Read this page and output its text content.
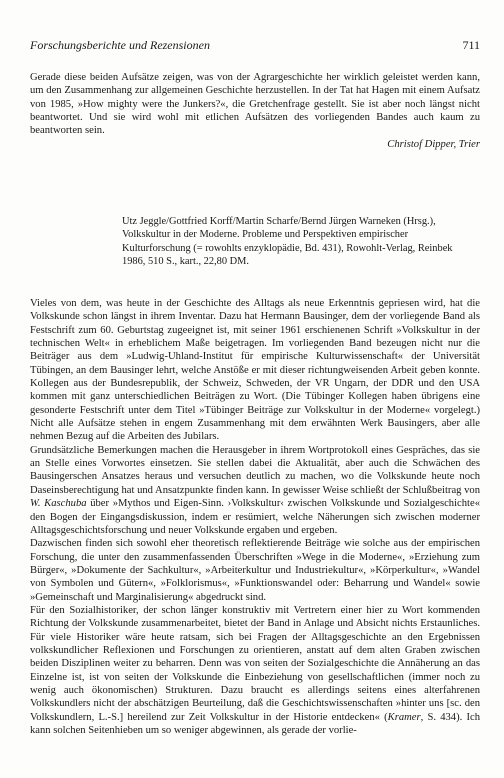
Forschungsberichte und Rezensionen	711

Gerade diese beiden Aufsätze zeigen, was von der Agrargeschichte her wirklich geleistet werden kann, um den Zusammenhang zur allgemeinen Geschichte herzustellen. In der Tat hat Hagen mit einem Aufsatz von 1985, »How mighty were the Junkers?«, die Gretchenfrage gestellt. Sie ist aber noch längst nicht beantwortet. Und sie wird wohl mit etlichen Aufsätzen des vorliegenden Bandes auch kaum zu beantworten sein.

Christof Dipper, Trier

Utz Jeggle/Gottfried Korff/Martin Scharfe/Bernd Jürgen Warneken (Hrsg.), Volkskultur in der Moderne. Probleme und Perspektiven empirischer Kulturforschung (= rowohlts enzyklopädie, Bd. 431), Rowohlt-Verlag, Reinbek 1986, 510 S., kart., 22,80 DM.

Vieles von dem, was heute in der Geschichte des Alltags als neue Erkenntnis gepriesen wird, hat die Volkskunde schon längst in ihrem Inventar. Dazu hat Hermann Bausinger, dem der vorliegende Band als Festschrift zum 60. Geburtstag zugeeignet ist, mit seiner 1961 erschienenen Schrift »Volkskultur in der technischen Welt« in erheblichem Maße beigetragen. Im vorliegenden Band bezeugen nicht nur die Beiträger aus dem »Ludwig-Uhland-Institut für empirische Kulturwissenschaft« der Universität Tübingen, an dem Bausinger lehrt, welche Anstöße er mit dieser richtungweisenden Arbeit geben konnte. Kollegen aus der Bundesrepublik, der Schweiz, Schweden, der VR Ungarn, der DDR und den USA kommen mit ganz unterschiedlichen Beiträgen zu Wort. (Die Tübinger Kollegen haben übrigens eine gesonderte Festschrift unter dem Titel »Tübinger Beiträge zur Volkskultur in der Moderne« vorgelegt.) Nicht alle Aufsätze stehen in engem Zusammenhang mit dem erwähnten Werk Bausingers, aber alle nehmen Bezug auf die Arbeiten des Jubilars.

Grundsätzliche Bemerkungen machen die Herausgeber in ihrem Wortprotokoll eines Gespräches, das sie an Stelle eines Vorwortes einsetzen. Sie stellen dabei die Aktualität, aber auch die Schwächen des Bausingerschen Ansatzes heraus und versuchen deutlich zu machen, wo die Volkskunde heute noch Daseinsberechtigung hat und Ansatzpunkte finden kann. In gewisser Weise schließt der Schlußbeitrag von W. Kaschuba über »Mythos und Eigen-Sinn. ›Volkskultur‹ zwischen Volkskunde und Sozialgeschichte« den Bogen der Eingangsdiskussion, indem er resümiert, welche Näherungen sich zwischen moderner Alltagsgeschichtsforschung und neuer Volkskunde ergaben und ergeben.

Dazwischen finden sich sowohl eher theoretisch reflektierende Beiträge wie solche aus der empirischen Forschung, die unter den zusammenfassenden Überschriften »Wege in die Moderne«, »Erziehung zum Bürger«, »Dokumente der Sachkultur«, »Arbeiterkultur und Industriekultur«, »Körperkultur«, »Wandel von Symbolen und Gütern«, »Folklorismus«, »Funktionswandel oder: Beharrung und Wandel« sowie »Gemeinschaft und Marginalisierung« abgedruckt sind.

Für den Sozialhistoriker, der schon länger konstruktiv mit Vertretern einer hier zu Wort kommenden Richtung der Volkskunde zusammenarbeitet, bietet der Band in Anlage und Absicht nichts Erstaunliches. Für viele Historiker wäre heute ratsam, sich bei Fragen der Alltagsgeschichte an den Ergebnissen volkskundlicher Reflexionen und Forschungen zu orientieren, anstatt auf dem alten Graben zwischen beiden Disziplinen weiter zu beharren. Denn was von seiten der Sozialgeschichte die Annäherung an das Einzelne ist, ist von seiten der Volkskunde die Einbeziehung von gesellschaftlichen (immer noch zu wenig auch ökonomischen) Strukturen. Dazu braucht es allerdings seitens eines alterfahrenen Volkskundlers nicht der abschätzigen Beurteilung, daß die Geschichtswissenschaften »hinter uns [sc. den Volkskundlern, L.-S.] hereilend zur Zeit Volkskultur in der Historie entdecken« (Kramer, S. 434). Ich kann solchen Seitenhieben um so weniger abgewinnen, als gerade der vorlie-
